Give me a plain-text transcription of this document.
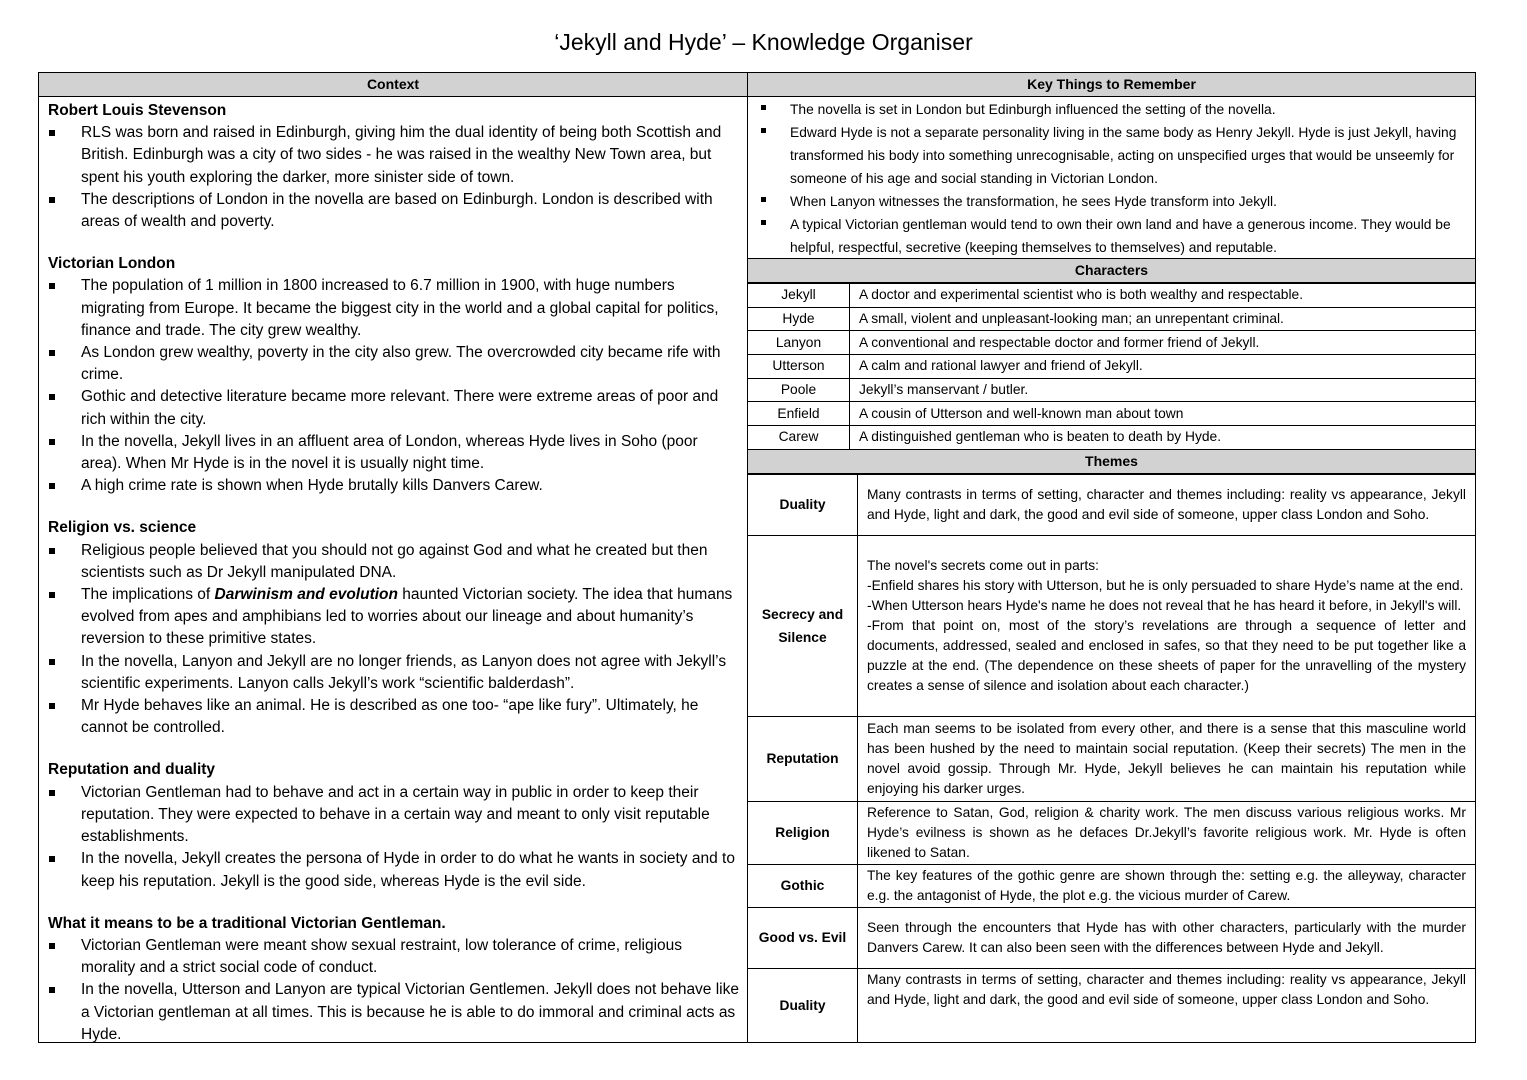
‘Jekyll and Hyde’ – Knowledge Organiser
Context
Robert Louis Stevenson
RLS was born and raised in Edinburgh, giving him the dual identity of being both Scottish and British. Edinburgh was a city of two sides - he was raised in the wealthy New Town area, but spent his youth exploring the darker, more sinister side of town.
The descriptions of London in the novella are based on Edinburgh. London is described with areas of wealth and poverty.
Victorian London
The population of 1 million in 1800 increased to 6.7 million in 1900, with huge numbers migrating from Europe. It became the biggest city in the world and a global capital for politics, finance and trade. The city grew wealthy.
As London grew wealthy, poverty in the city also grew. The overcrowded city became rife with crime.
Gothic and detective literature became more relevant. There were extreme areas of poor and rich within the city.
In the novella, Jekyll lives in an affluent area of London, whereas Hyde lives in Soho (poor area). When Mr Hyde is in the novel it is usually night time.
A high crime rate is shown when Hyde brutally kills Danvers Carew.
Religion vs. science
Religious people believed that you should not go against God and what he created but then scientists such as Dr Jekyll manipulated DNA.
The implications of Darwinism and evolution haunted Victorian society. The idea that humans evolved from apes and amphibians led to worries about our lineage and about humanity’s reversion to these primitive states.
In the novella, Lanyon and Jekyll are no longer friends, as Lanyon does not agree with Jekyll’s scientific experiments. Lanyon calls Jekyll’s work “scientific balderdash”.
Mr Hyde behaves like an animal. He is described as one too- “ape like fury”. Ultimately, he cannot be controlled.
Reputation and duality
Victorian Gentleman had to behave and act in a certain way in public in order to keep their reputation. They were expected to behave in a certain way and meant to only visit reputable establishments.
In the novella, Jekyll creates the persona of Hyde in order to do what he wants in society and to keep his reputation. Jekyll is the good side, whereas Hyde is the evil side.
What it means to be a traditional Victorian Gentleman.
Victorian Gentleman were meant show sexual restraint, low tolerance of crime, religious morality and a strict social code of conduct.
In the novella, Utterson and Lanyon are typical Victorian Gentlemen. Jekyll does not behave like a Victorian gentleman at all times. This is because he is able to do immoral and criminal acts as Hyde.
Key Things to Remember
The novella is set in London but Edinburgh influenced the setting of the novella.
Edward Hyde is not a separate personality living in the same body as Henry Jekyll. Hyde is just Jekyll, having transformed his body into something unrecognisable, acting on unspecified urges that would be unseemly for someone of his age and social standing in Victorian London.
When Lanyon witnesses the transformation, he sees Hyde transform into Jekyll.
A typical Victorian gentleman would tend to own their own land and have a generous income. They would be helpful, respectful, secretive (keeping themselves to themselves) and reputable.
Characters
Jekyll	A doctor and experimental scientist who is both wealthy and respectable.
Hyde	A small, violent and unpleasant-looking man; an unrepentant criminal.
Lanyon	A conventional and respectable doctor and former friend of Jekyll.
Utterson	A calm and rational lawyer and friend of Jekyll.
Poole	Jekyll’s manservant / butler.
Enfield	A cousin of Utterson and well-known man about town
Carew	A distinguished gentleman who is beaten to death by Hyde.
Themes
Duality	Many contrasts in terms of setting, character and themes including: reality vs appearance, Jekyll and Hyde, light and dark, the good and evil side of someone, upper class London and Soho.

Secrecy and Silence	The novel's secrets come out in parts:
-Enfield shares his story with Utterson, but he is only persuaded to share Hyde’s name at the end.
-When Utterson hears Hyde's name he does not reveal that he has heard it before, in Jekyll's will.
-From that point on, most of the story’s revelations are through a sequence of letter and documents, addressed, sealed and enclosed in safes, so that they need to be put together like a puzzle at the end. (The dependence on these sheets of paper for the unravelling of the mystery creates a sense of silence and isolation about each character.)

Reputation	Each man seems to be isolated from every other, and there is a sense that this masculine world has been hushed by the need to maintain social reputation. (Keep their secrets) The men in the novel avoid gossip. Through Mr. Hyde, Jekyll believes he can maintain his reputation while enjoying his darker urges.

Religion	Reference to Satan, God, religion & charity work. The men discuss various religious works. Mr Hyde’s evilness is shown as he defaces Dr.Jekyll’s favorite religious work. Mr. Hyde is often likened to Satan.

Gothic	The key features of the gothic genre are shown through the: setting e.g. the alleyway, character e.g. the antagonist of Hyde, the plot e.g. the vicious murder of Carew.

Good vs. Evil	Seen through the encounters that Hyde has with other characters, particularly with the murder Danvers Carew. It can also been seen with the differences between Hyde and Jekyll.

Duality	Many contrasts in terms of setting, character and themes including: reality vs appearance, Jekyll and Hyde, light and dark, the good and evil side of someone, upper class London and Soho.
